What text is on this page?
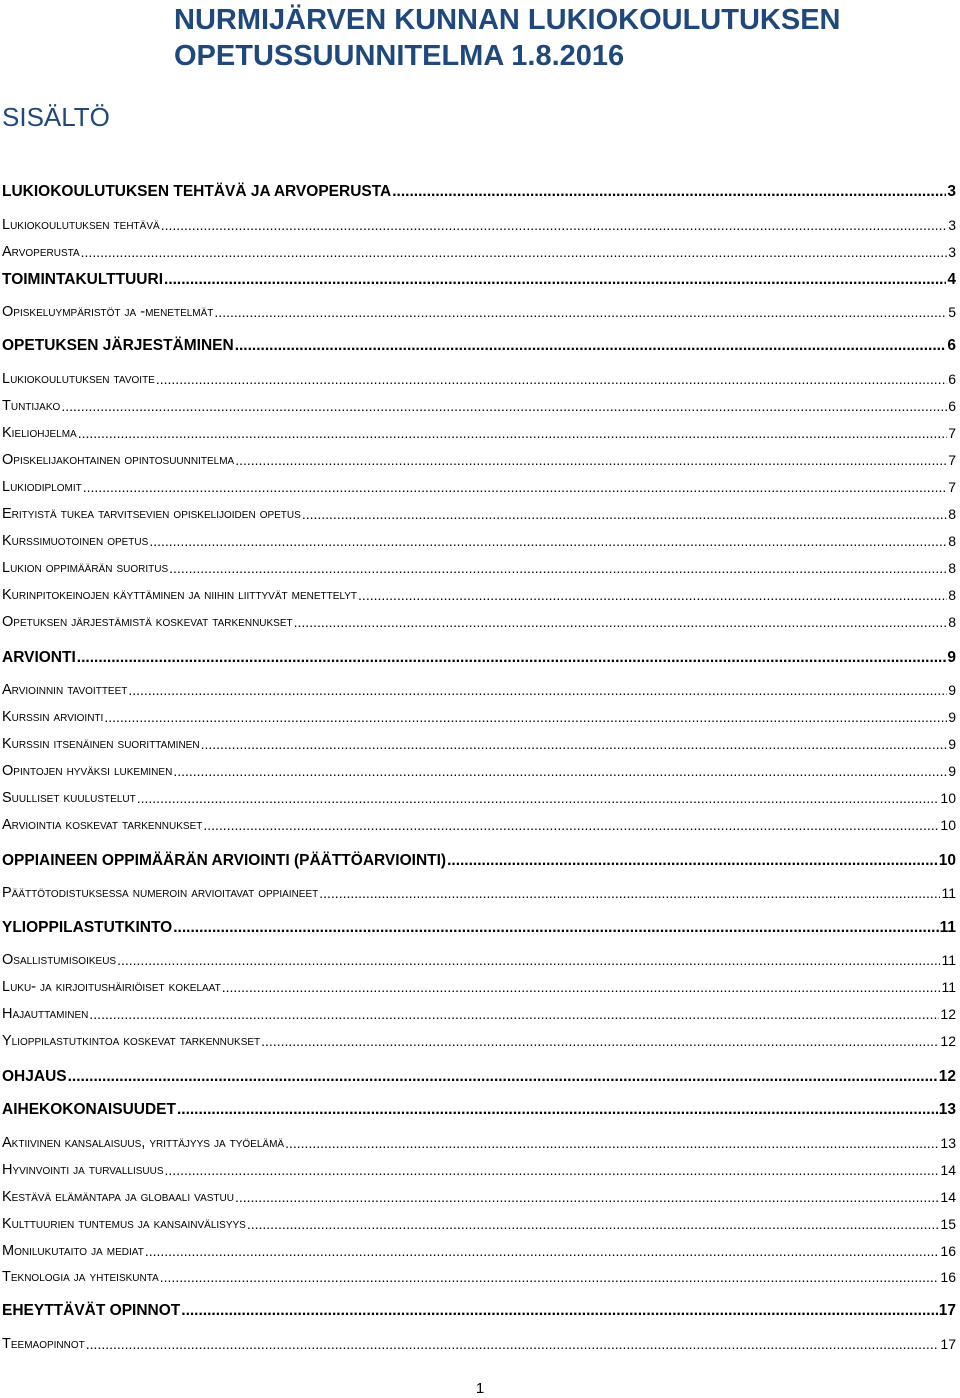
NURMIJÄRVEN KUNNAN LUKIOKOULUTUKSEN
OPETUSSUUNNITELMA 1.8.2016
SISÄLTÖ
LUKIOKOULUTUKSEN TEHTÄVÄ JA ARVOPERUSTA .....	3
Lukiokoulutuksen tehtävä .....	3
Arvoperusta .....	3
TOIMINTAKULTTUURI .....	4
Opiskeluympäristöt ja -menetelmät .....	5
OPETUKSEN JÄRJESTÄMINEN .....	6
Lukiokoulutuksen tavoite .....	6
Tuntijako .....	6
Kieliohjelma .....	7
Opiskelijakohtainen opintosuunnitelma .....	7
Lukiodiplomit .....	7
Erityistä tukea tarvitsevien opiskelijoiden opetus .....	8
Kurssimuotoinen opetus .....	8
Lukion oppimäärän suoritus .....	8
Kurinpitokeinojen käyttäminen ja niihin liittyvät menettelyt .....	8
Opetuksen järjestämistä koskevat tarkennukset .....	8
ARVIONTI .....	9
Arvioinnin tavoitteet .....	9
Kurssin arviointi .....	9
Kurssin itsenäinen suorittaminen .....	9
Opintojen hyväksi lukeminen .....	9
Suulliset kuulustelut .....	10
Arviointia koskevat tarkennukset .....	10
OPPIAINEEN OPPIMÄÄRÄN ARVIOINTI (PÄÄTTÖARVIOINTI) .....	10
Päättötodistuksessa numeroin arvioitavat oppiaineet .....	11
YLIOPPILASTUTKINTO .....	11
Osallistumisoikeus .....	11
Luku- ja kirjoitushäiriöiset kokelaat .....	11
Hajauttaminen .....	12
Ylioppilastutkintoa koskevat tarkennukset .....	12
OHJAUS .....	12
AIHEKOKONAISUUDET .....	13
Aktiivinen kansalaisuus, yrittäjyys ja työelämä .....	13
Hyvinvointi ja turvallisuus .....	14
Kestävä elämäntapa ja globaali vastuu .....	14
Kulttuurien tuntemus ja kansainvälisyys .....	15
Monilukutaito ja mediat .....	16
Teknologia ja yhteiskunta .....	16
EHEYTTÄVÄT OPINNOT .....	17
Teemaopinnot .....	17
1
